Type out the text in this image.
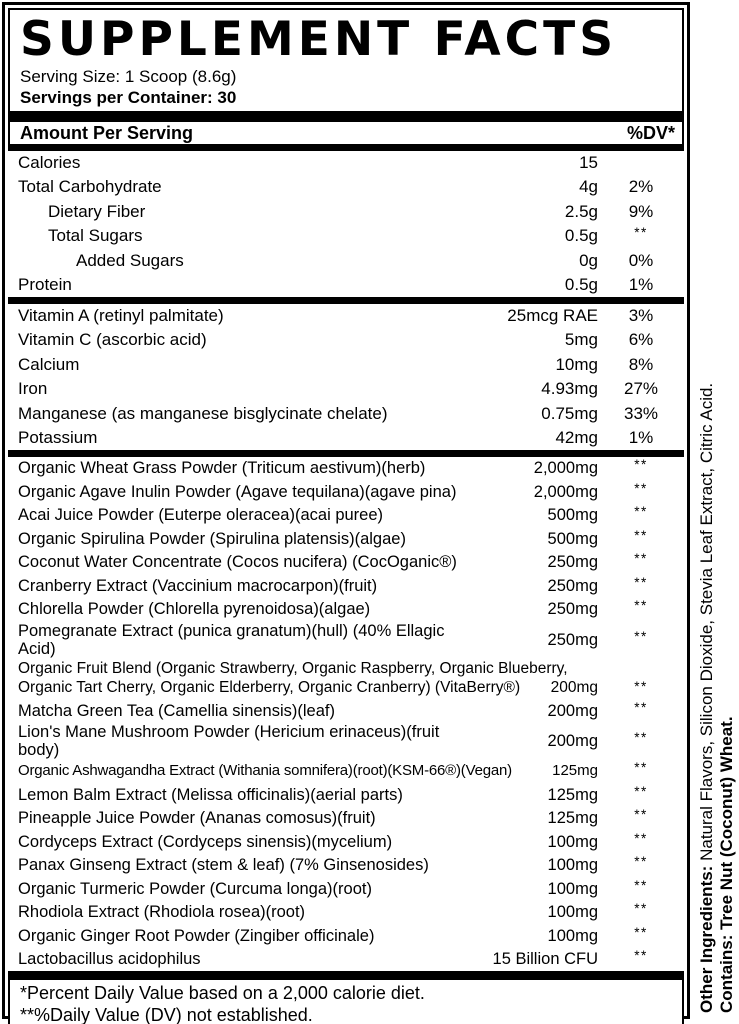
SUPPLEMENT FACTS
Serving Size: 1 Scoop (8.6g)
Servings per Container: 30
Amount Per Serving	%DV*
Calories	15
Total Carbohydrate	4g	2%
Dietary Fiber	2.5g	9%
Total Sugars	0.5g	**
Added Sugars	0g	0%
Protein	0.5g	1%
Vitamin A (retinyl palmitate)	25mcg RAE	3%
Vitamin C (ascorbic acid)	5mg	6%
Calcium	10mg	8%
Iron	4.93mg	27%
Manganese (as manganese bisglycinate chelate)	0.75mg	33%
Potassium	42mg	1%
Organic Wheat Grass Powder (Triticum aestivum)(herb)	2,000mg	**
Organic Agave Inulin Powder (Agave tequilana)(agave pina)	2,000mg	**
Acai Juice Powder (Euterpe oleracea)(acai puree)	500mg	**
Organic Spirulina Powder (Spirulina platensis)(algae)	500mg	**
Coconut Water Concentrate (Cocos nucifera) (CocOganic®)	250mg	**
Cranberry Extract (Vaccinium macrocarpon)(fruit)	250mg	**
Chlorella Powder (Chlorella pyrenoidosa)(algae)	250mg	**
Pomegranate Extract (punica granatum)(hull) (40% Ellagic Acid)	250mg	**
Organic Fruit Blend (Organic Strawberry, Organic Raspberry, Organic Blueberry,
Organic Tart Cherry, Organic Elderberry, Organic Cranberry) (VitaBerry®)	200mg	**
Matcha Green Tea (Camellia sinensis)(leaf)	200mg	**
Lion's Mane Mushroom Powder (Hericium erinaceus)(fruit body)	200mg	**
Organic Ashwagandha Extract (Withania somnifera)(root)(KSM-66®)(Vegan)	125mg	**
Lemon Balm Extract (Melissa officinalis)(aerial parts)	125mg	**
Pineapple Juice Powder (Ananas comosus)(fruit)	125mg	**
Cordyceps Extract (Cordyceps sinensis)(mycelium)	100mg	**
Panax Ginseng Extract (stem & leaf) (7% Ginsenosides)	100mg	**
Organic Turmeric Powder (Curcuma longa)(root)	100mg	**
Rhodiola Extract (Rhodiola rosea)(root)	100mg	**
Organic Ginger Root Powder (Zingiber officinale)	100mg	**
Lactobacillus acidophilus	15 Billion CFU	**
*Percent Daily Value based on a 2,000 calorie diet.
**%Daily Value (DV) not established.
Other Ingredients: Natural Flavors, Silicon Dioxide, Stevia Leaf Extract, Citric Acid. Contains: Tree Nut (Coconut) Wheat.
